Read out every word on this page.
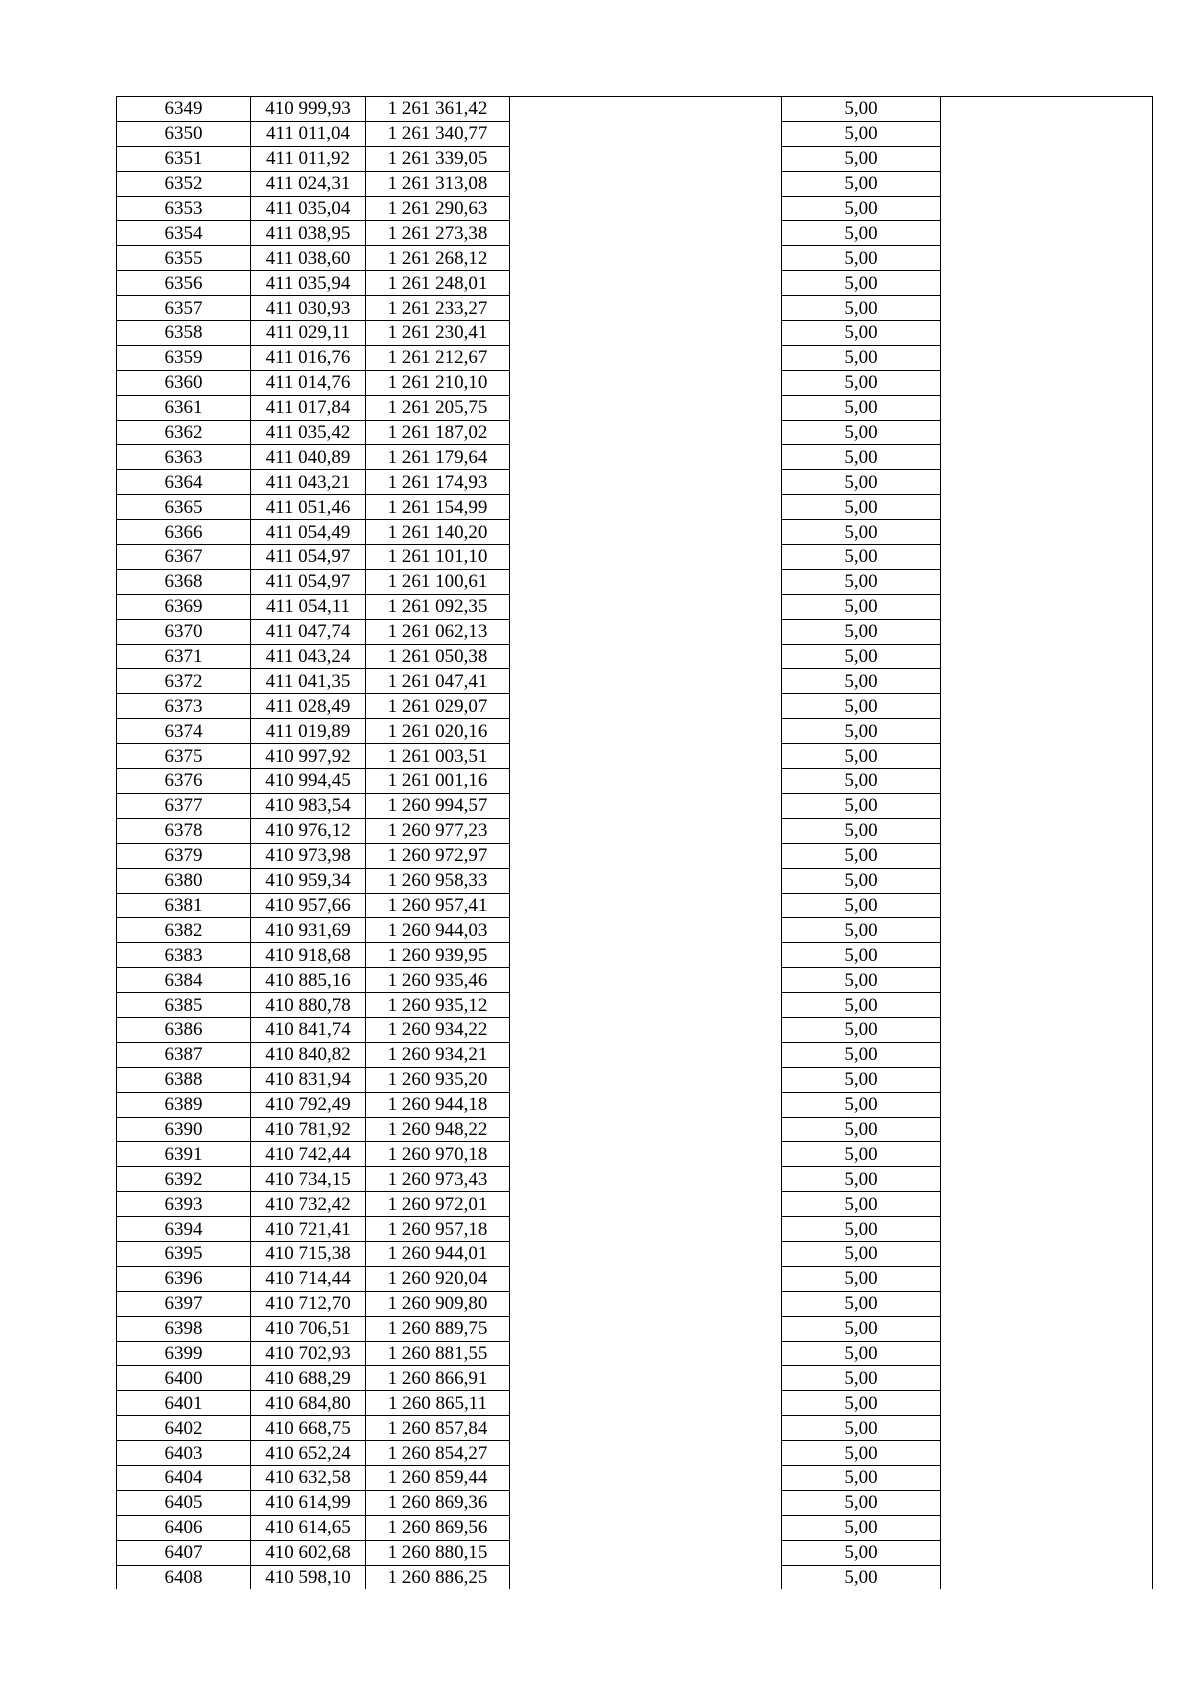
6349	410 999,93	1 261 361,42		5,00	
6350	411 011,04	1 261 340,77		5,00	
6351	411 011,92	1 261 339,05		5,00	
6352	411 024,31	1 261 313,08		5,00	
6353	411 035,04	1 261 290,63		5,00	
6354	411 038,95	1 261 273,38		5,00	
6355	411 038,60	1 261 268,12		5,00	
6356	411 035,94	1 261 248,01		5,00	
6357	411 030,93	1 261 233,27		5,00	
6358	411 029,11	1 261 230,41		5,00	
6359	411 016,76	1 261 212,67		5,00	
6360	411 014,76	1 261 210,10		5,00	
6361	411 017,84	1 261 205,75		5,00	
6362	411 035,42	1 261 187,02		5,00	
6363	411 040,89	1 261 179,64		5,00	
6364	411 043,21	1 261 174,93		5,00	
6365	411 051,46	1 261 154,99		5,00	
6366	411 054,49	1 261 140,20		5,00	
6367	411 054,97	1 261 101,10		5,00	
6368	411 054,97	1 261 100,61		5,00	
6369	411 054,11	1 261 092,35		5,00	
6370	411 047,74	1 261 062,13		5,00	
6371	411 043,24	1 261 050,38		5,00	
6372	411 041,35	1 261 047,41		5,00	
6373	411 028,49	1 261 029,07		5,00	
6374	411 019,89	1 261 020,16		5,00	
6375	410 997,92	1 261 003,51		5,00	
6376	410 994,45	1 261 001,16		5,00	
6377	410 983,54	1 260 994,57		5,00	
6378	410 976,12	1 260 977,23		5,00	
6379	410 973,98	1 260 972,97		5,00	
6380	410 959,34	1 260 958,33		5,00	
6381	410 957,66	1 260 957,41		5,00	
6382	410 931,69	1 260 944,03		5,00	
6383	410 918,68	1 260 939,95		5,00	
6384	410 885,16	1 260 935,46		5,00	
6385	410 880,78	1 260 935,12		5,00	
6386	410 841,74	1 260 934,22		5,00	
6387	410 840,82	1 260 934,21		5,00	
6388	410 831,94	1 260 935,20		5,00	
6389	410 792,49	1 260 944,18		5,00	
6390	410 781,92	1 260 948,22		5,00	
6391	410 742,44	1 260 970,18		5,00	
6392	410 734,15	1 260 973,43		5,00	
6393	410 732,42	1 260 972,01		5,00	
6394	410 721,41	1 260 957,18		5,00	
6395	410 715,38	1 260 944,01		5,00	
6396	410 714,44	1 260 920,04		5,00	
6397	410 712,70	1 260 909,80		5,00	
6398	410 706,51	1 260 889,75		5,00	
6399	410 702,93	1 260 881,55		5,00	
6400	410 688,29	1 260 866,91		5,00	
6401	410 684,80	1 260 865,11		5,00	
6402	410 668,75	1 260 857,84		5,00	
6403	410 652,24	1 260 854,27		5,00	
6404	410 632,58	1 260 859,44		5,00	
6405	410 614,99	1 260 869,36		5,00	
6406	410 614,65	1 260 869,56		5,00	
6407	410 602,68	1 260 880,15		5,00	
6408	410 598,10	1 260 886,25		5,00	
